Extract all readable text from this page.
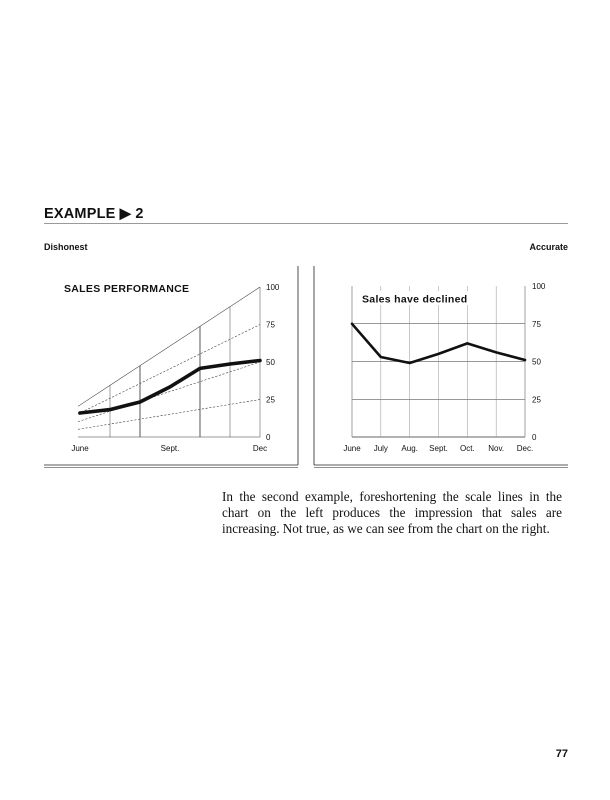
EXAMPLE ▶ 2
Dishonest	Accurate
0
25
50
75
100
June	Sept.	Dec
SALES PERFORMANCE
0
25
50
75
100
June July Aug. Sept. Oct. Nov. Dec.
Sales have declined
In the second example, foreshortening the scale lines in the chart on the left produces the impression that sales are increasing. Not true, as we can see from the chart on the right.
77
